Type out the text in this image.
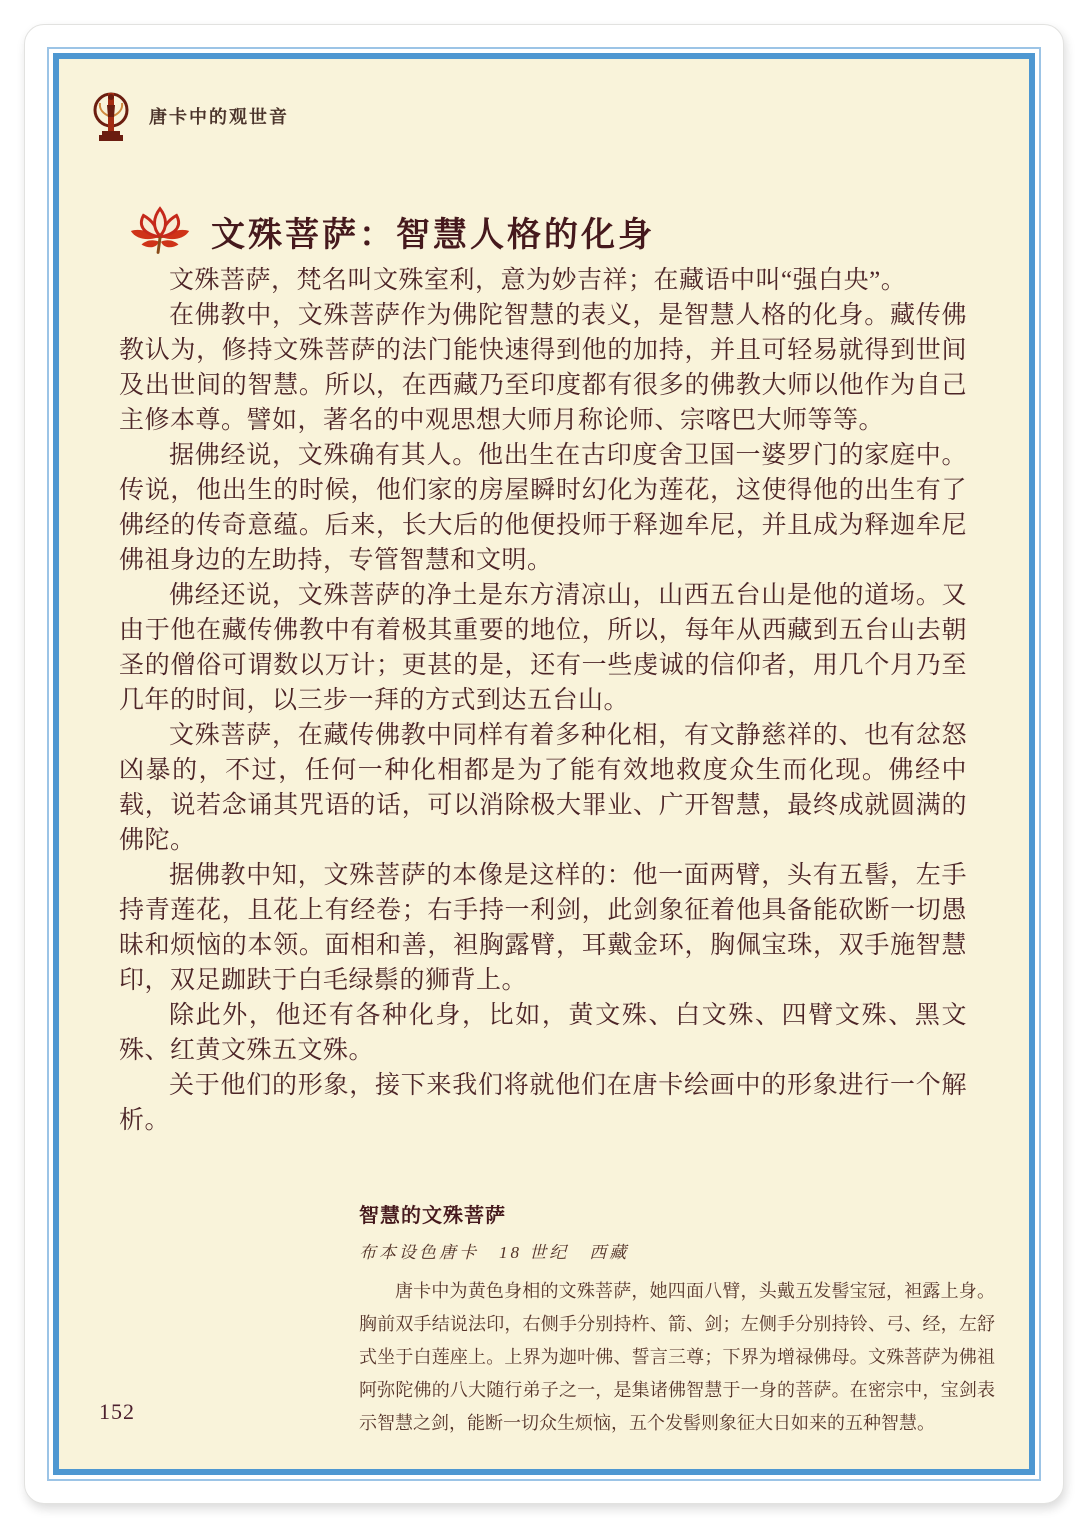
唐卡中的观世音
文殊菩萨：智慧人格的化身

文殊菩萨，梵名叫文殊室利，意为妙吉祥；在藏语中叫“强白央”。

在佛教中，文殊菩萨作为佛陀智慧的表义，是智慧人格的化身。藏传佛教认为，修持文殊菩萨的法门能快速得到他的加持，并且可轻易就得到世间及出世间的智慧。所以，在西藏乃至印度都有很多的佛教大师以他作为自己主修本尊。譬如，著名的中观思想大师月称论师、宗喀巴大师等等。

据佛经说，文殊确有其人。他出生在古印度舍卫国一婆罗门的家庭中。传说，他出生的时候，他们家的房屋瞬时幻化为莲花，这使得他的出生有了佛经的传奇意蕴。后来，长大后的他便投师于释迦牟尼，并且成为释迦牟尼佛祖身边的左助持，专管智慧和文明。

佛经还说，文殊菩萨的净土是东方清凉山，山西五台山是他的道场。又由于他在藏传佛教中有着极其重要的地位，所以，每年从西藏到五台山去朝圣的僧俗可谓数以万计；更甚的是，还有一些虔诚的信仰者，用几个月乃至几年的时间，以三步一拜的方式到达五台山。

文殊菩萨，在藏传佛教中同样有着多种化相，有文静慈祥的、也有忿怒凶暴的，不过，任何一种化相都是为了能有效地救度众生而化现。佛经中载，说若念诵其咒语的话，可以消除极大罪业、广开智慧，最终成就圆满的佛陀。

据佛教中知，文殊菩萨的本像是这样的：他一面两臂，头有五髻，左手持青莲花，且花上有经卷；右手持一利剑，此剑象征着他具备能砍断一切愚昧和烦恼的本领。面相和善，袒胸露臂，耳戴金环，胸佩宝珠，双手施智慧印，双足跏趺于白毛绿鬃的狮背上。

除此外，他还有各种化身，比如，黄文殊、白文殊、四臂文殊、黑文殊、红黄文殊五文殊。

关于他们的形象，接下来我们将就他们在唐卡绘画中的形象进行一个解析。

智慧的文殊菩萨
布本设色唐卡　18 世纪　西藏
唐卡中为黄色身相的文殊菩萨，她四面八臂，头戴五发髻宝冠，袒露上身。胸前双手结说法印，右侧手分别持杵、箭、剑；左侧手分别持铃、弓、经，左舒式坐于白莲座上。上界为迦叶佛、誓言三尊；下界为增禄佛母。文殊菩萨为佛祖阿弥陀佛的八大随行弟子之一，是集诸佛智慧于一身的菩萨。在密宗中，宝剑表示智慧之剑，能断一切众生烦恼，五个发髻则象征大日如来的五种智慧。
152
